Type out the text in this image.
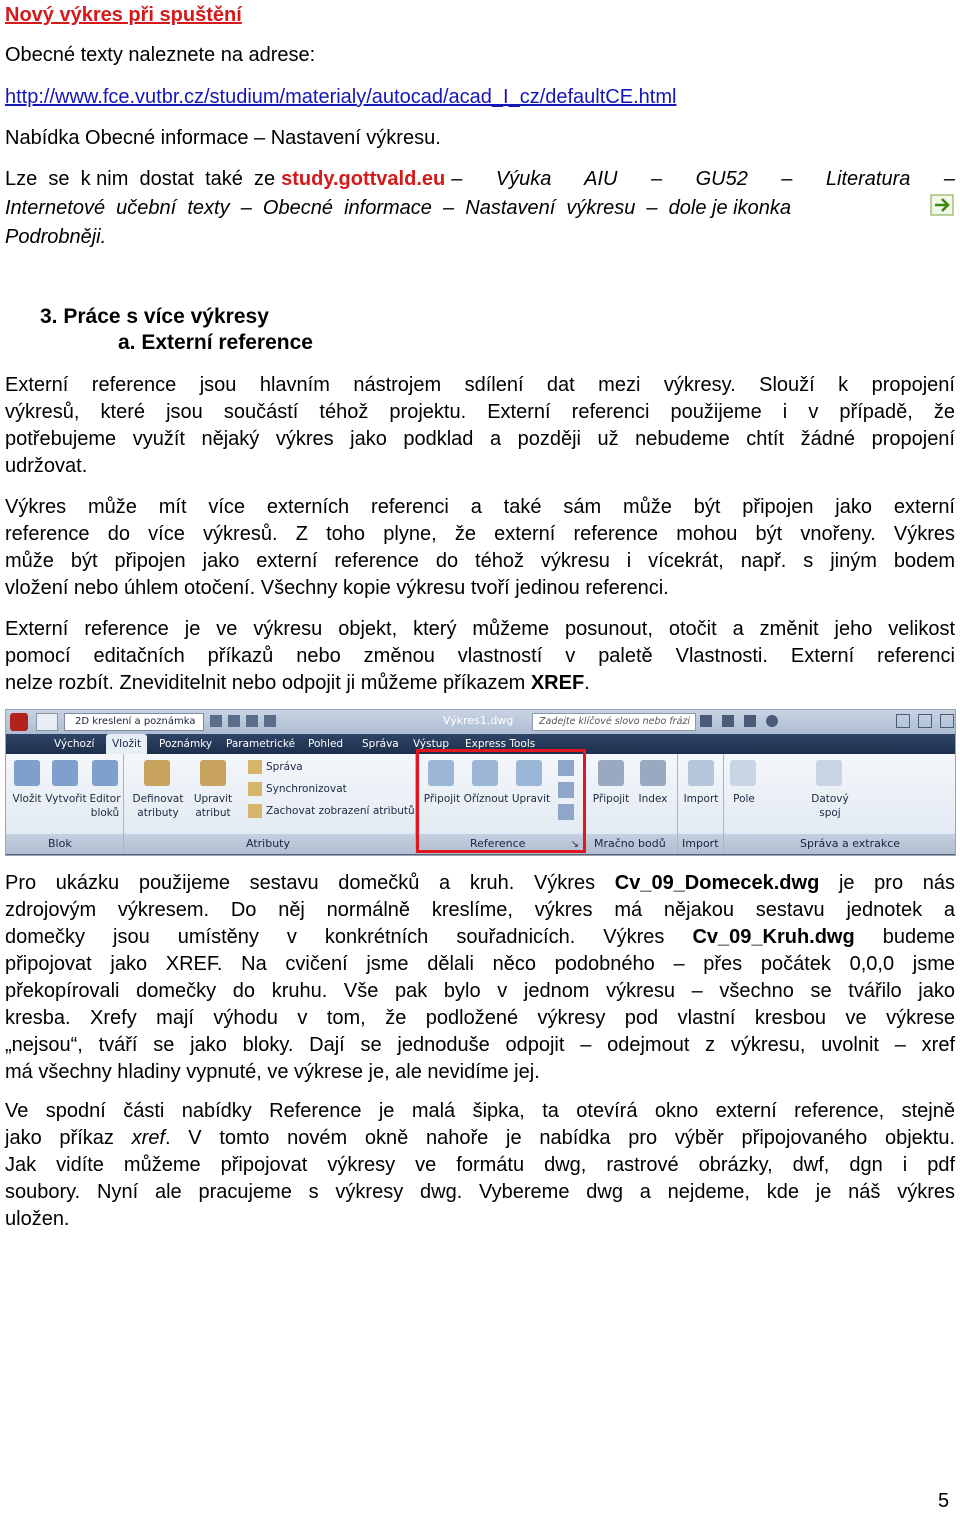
Nový výkres při spuštění
Obecné texty naleznete na adrese:
http://www.fce.vutbr.cz/studium/materialy/autocad/acad_I_cz/defaultCE.html
Nabídka Obecné informace – Nastavení výkresu.
Lze  se  k nim  dostat  také  ze study.gottvald.eu –  Výuka  AIU  –  GU52  –  Literatura  –
Internetové  učební  texty  –  Obecné  informace  –  Nastavení  výkresu  –  dole je ikonka
Podrobněji.
3. Práce s více výkresy
a. Externí reference
Externí reference jsou hlavním nástrojem sdílení dat mezi výkresy. Slouží k propojení
výkresů, které jsou součástí téhož projektu. Externí referenci použijeme i v případě, že
potřebujeme využít nějaký výkres jako podklad a později už nebudeme chtít žádné propojení
udržovat.
Výkres může mít více externích referenci a také sám může být připojen jako externí
reference do více výkresů. Z toho plyne, že externí reference mohou být vnořeny. Výkres
může být připojen jako externí reference do téhož výkresu i vícekrát, např. s jiným bodem
vložení nebo úhlem otočení. Všechny kopie výkresu tvoří jedinou referenci.
Externí reference je ve výkresu objekt, který můžeme posunout, otočit a změnit jeho velikost
pomocí editačních příkazů nebo změnou vlastností v paletě Vlastnosti. Externí referenci
nelze rozbít. Zneviditelnit nebo odpojit ji můžeme příkazem XREF.
2D kreslení a poznámka	Výkres1.dwg	Zadejte klíčové slovo nebo frázi
Výchozí	Vložit	Poznámky Parametrické Pohled Správa Výstup Express Tools
Vložit Vytvořit Editor bloků
Blok
Definovat atributy
Upravit atribut
Správa
Synchronizovat
Zachovat zobrazení atributů
Atributy
Připojit Oříznout Upravit
Reference	↘
Připojit Index
Mračno bodů
Import
Import
Pole	Datový spoj
Správa a extrakce
Pro ukázku použijeme sestavu domečků a kruh. Výkres Cv_09_Domecek.dwg je pro nás
zdrojovým výkresem. Do něj normálně kreslíme, výkres má nějakou sestavu jednotek a
domečky jsou umístěny v konkrétních souřadnicích. Výkres Cv_09_Kruh.dwg budeme
připojovat jako XREF. Na cvičení jsme dělali něco podobného – přes počátek 0,0,0 jsme
překopírovali domečky do kruhu. Vše pak bylo v jednom výkresu – všechno se tvářilo jako
kresba. Xrefy mají výhodu v tom, že podložené výkresy pod vlastní kresbou ve výkrese
„nejsou“, tváří se jako bloky. Dají se jednoduše odpojit – odejmout z výkresu, uvolnit – xref
má všechny hladiny vypnuté, ve výkrese je, ale nevidíme jej.
Ve spodní části nabídky Reference je malá šipka, ta otevírá okno externí reference, stejně
jako příkaz xref. V tomto novém okně nahoře je nabídka pro výběr připojovaného objektu.
Jak vidíte můžeme připojovat výkresy ve formátu dwg, rastrové obrázky, dwf, dgn i pdf
soubory. Nyní ale pracujeme s výkresy dwg. Vybereme dwg a nejdeme, kde je náš výkres
uložen.
5
